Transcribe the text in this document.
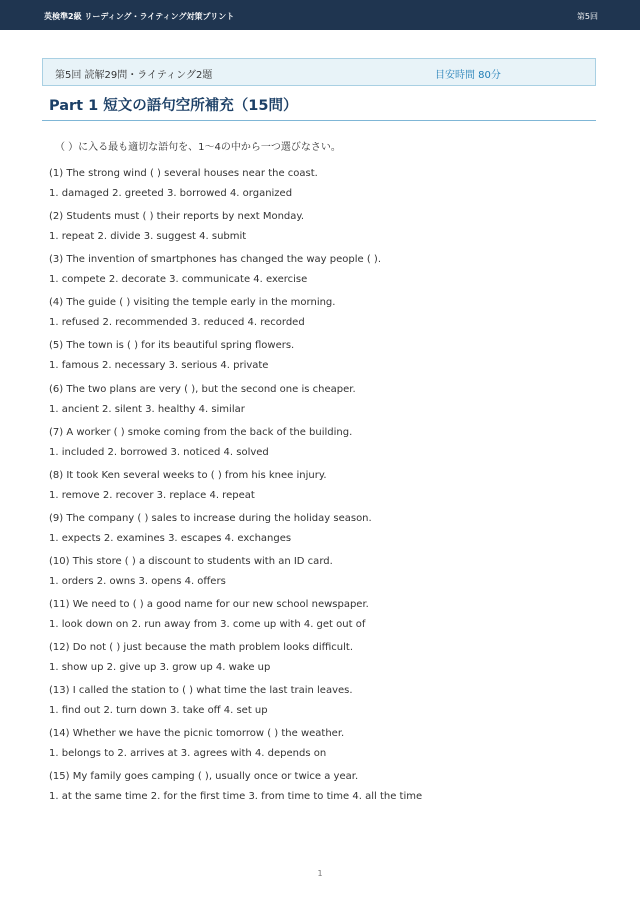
英検準2級 リーディング・ライティング対策プリント	第5回
第5回 読解29問・ライティング2題	目安時間 80分
Part 1 短文の語句空所補充（15問）
（ ）に入る最も適切な語句を、1〜4の中から一つ選びなさい。
(1) The strong wind ( ) several houses near the coast.
1. damaged 2. greeted 3. borrowed 4. organized
(2) Students must ( ) their reports by next Monday.
1. repeat 2. divide 3. suggest 4. submit
(3) The invention of smartphones has changed the way people ( ).
1. compete 2. decorate 3. communicate 4. exercise
(4) The guide ( ) visiting the temple early in the morning.
1. refused 2. recommended 3. reduced 4. recorded
(5) The town is ( ) for its beautiful spring flowers.
1. famous 2. necessary 3. serious 4. private
(6) The two plans are very ( ), but the second one is cheaper.
1. ancient 2. silent 3. healthy 4. similar
(7) A worker ( ) smoke coming from the back of the building.
1. included 2. borrowed 3. noticed 4. solved
(8) It took Ken several weeks to ( ) from his knee injury.
1. remove 2. recover 3. replace 4. repeat
(9) The company ( ) sales to increase during the holiday season.
1. expects 2. examines 3. escapes 4. exchanges
(10) This store ( ) a discount to students with an ID card.
1. orders 2. owns 3. opens 4. offers
(11) We need to ( ) a good name for our new school newspaper.
1. look down on 2. run away from 3. come up with 4. get out of
(12) Do not ( ) just because the math problem looks difficult.
1. show up 2. give up 3. grow up 4. wake up
(13) I called the station to ( ) what time the last train leaves.
1. find out 2. turn down 3. take off 4. set up
(14) Whether we have the picnic tomorrow ( ) the weather.
1. belongs to 2. arrives at 3. agrees with 4. depends on
(15) My family goes camping ( ), usually once or twice a year.
1. at the same time 2. for the first time 3. from time to time 4. all the time
1
